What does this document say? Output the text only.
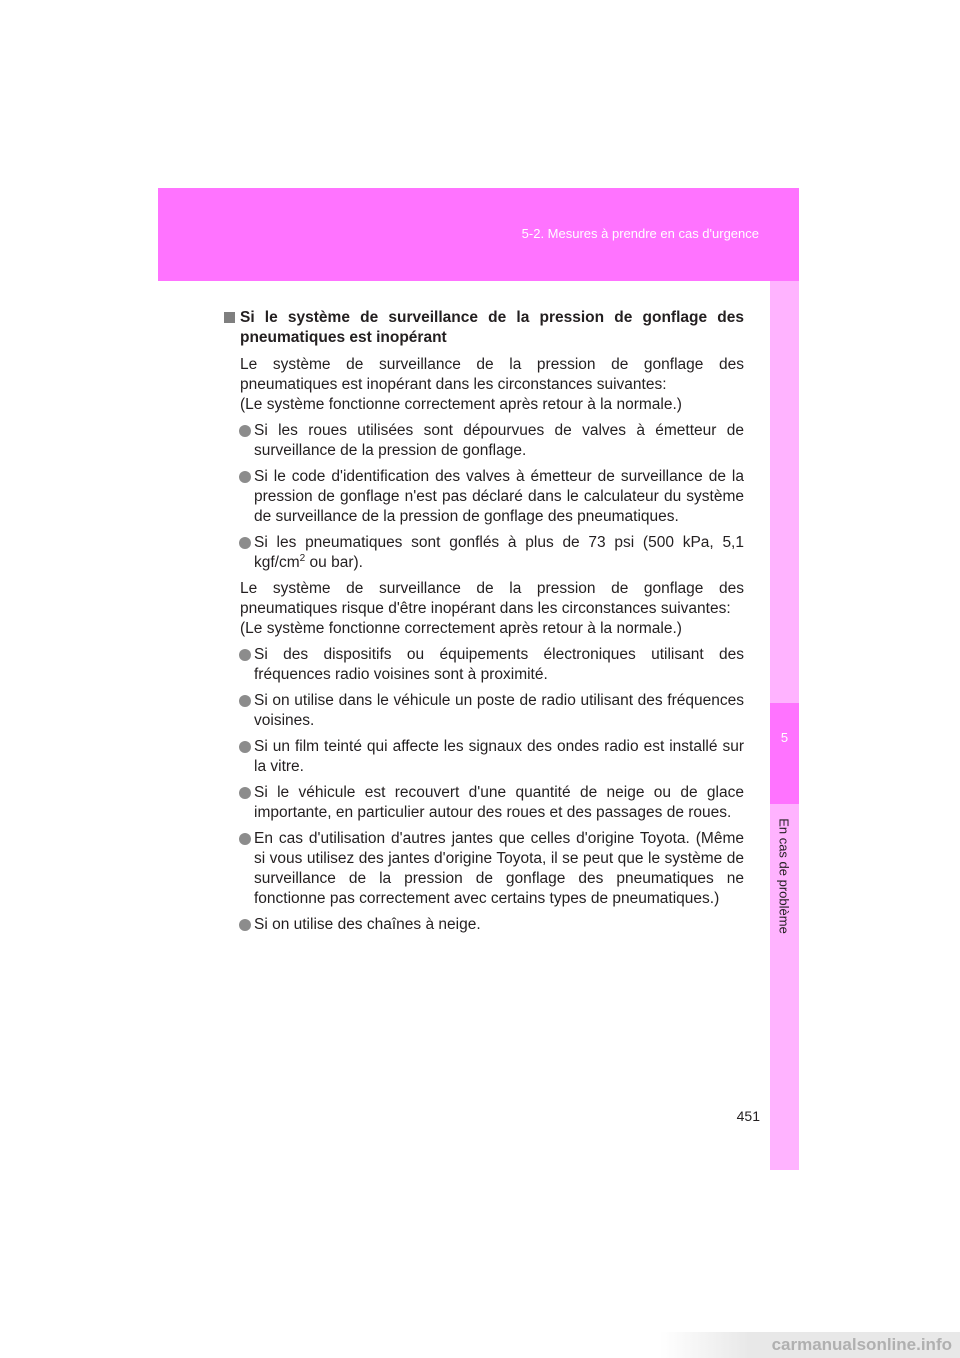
5-2. Mesures à prendre en cas d'urgence
5
En cas de problème
Si le système de surveillance de la pression de gonflage des pneumatiques est inopérant
Le système de surveillance de la pression de gonflage des pneumatiques est inopérant dans les circonstances suivantes:
(Le système fonctionne correctement après retour à la normale.)
Si les roues utilisées sont dépourvues de valves à émetteur de surveillance de la pression de gonflage.
Si le code d'identification des valves à émetteur de surveillance de la pression de gonflage n'est pas déclaré dans le calculateur du système de surveillance de la pression de gonflage des pneumatiques.
Si les pneumatiques sont gonflés à plus de 73 psi (500 kPa, 5,1 kgf/$cm^2$ ou bar).
Le système de surveillance de la pression de gonflage des pneumatiques risque d'être inopérant dans les circonstances suivantes:
(Le système fonctionne correctement après retour à la normale.)
Si des dispositifs ou équipements électroniques utilisant des fréquences radio voisines sont à proximité.
Si on utilise dans le véhicule un poste de radio utilisant des fréquences voisines.
Si un film teinté qui affecte les signaux des ondes radio est installé sur la vitre.
Si le véhicule est recouvert d'une quantité de neige ou de glace importante, en particulier autour des roues et des passages de roues.
En cas d'utilisation d'autres jantes que celles d'origine Toyota. (Même si vous utilisez des jantes d'origine Toyota, il se peut que le système de surveillance de la pression de gonflage des pneumatiques ne fonctionne pas correctement avec certains types de pneumatiques.)
Si on utilise des chaînes à neige.
451
carmanualsonline.info
